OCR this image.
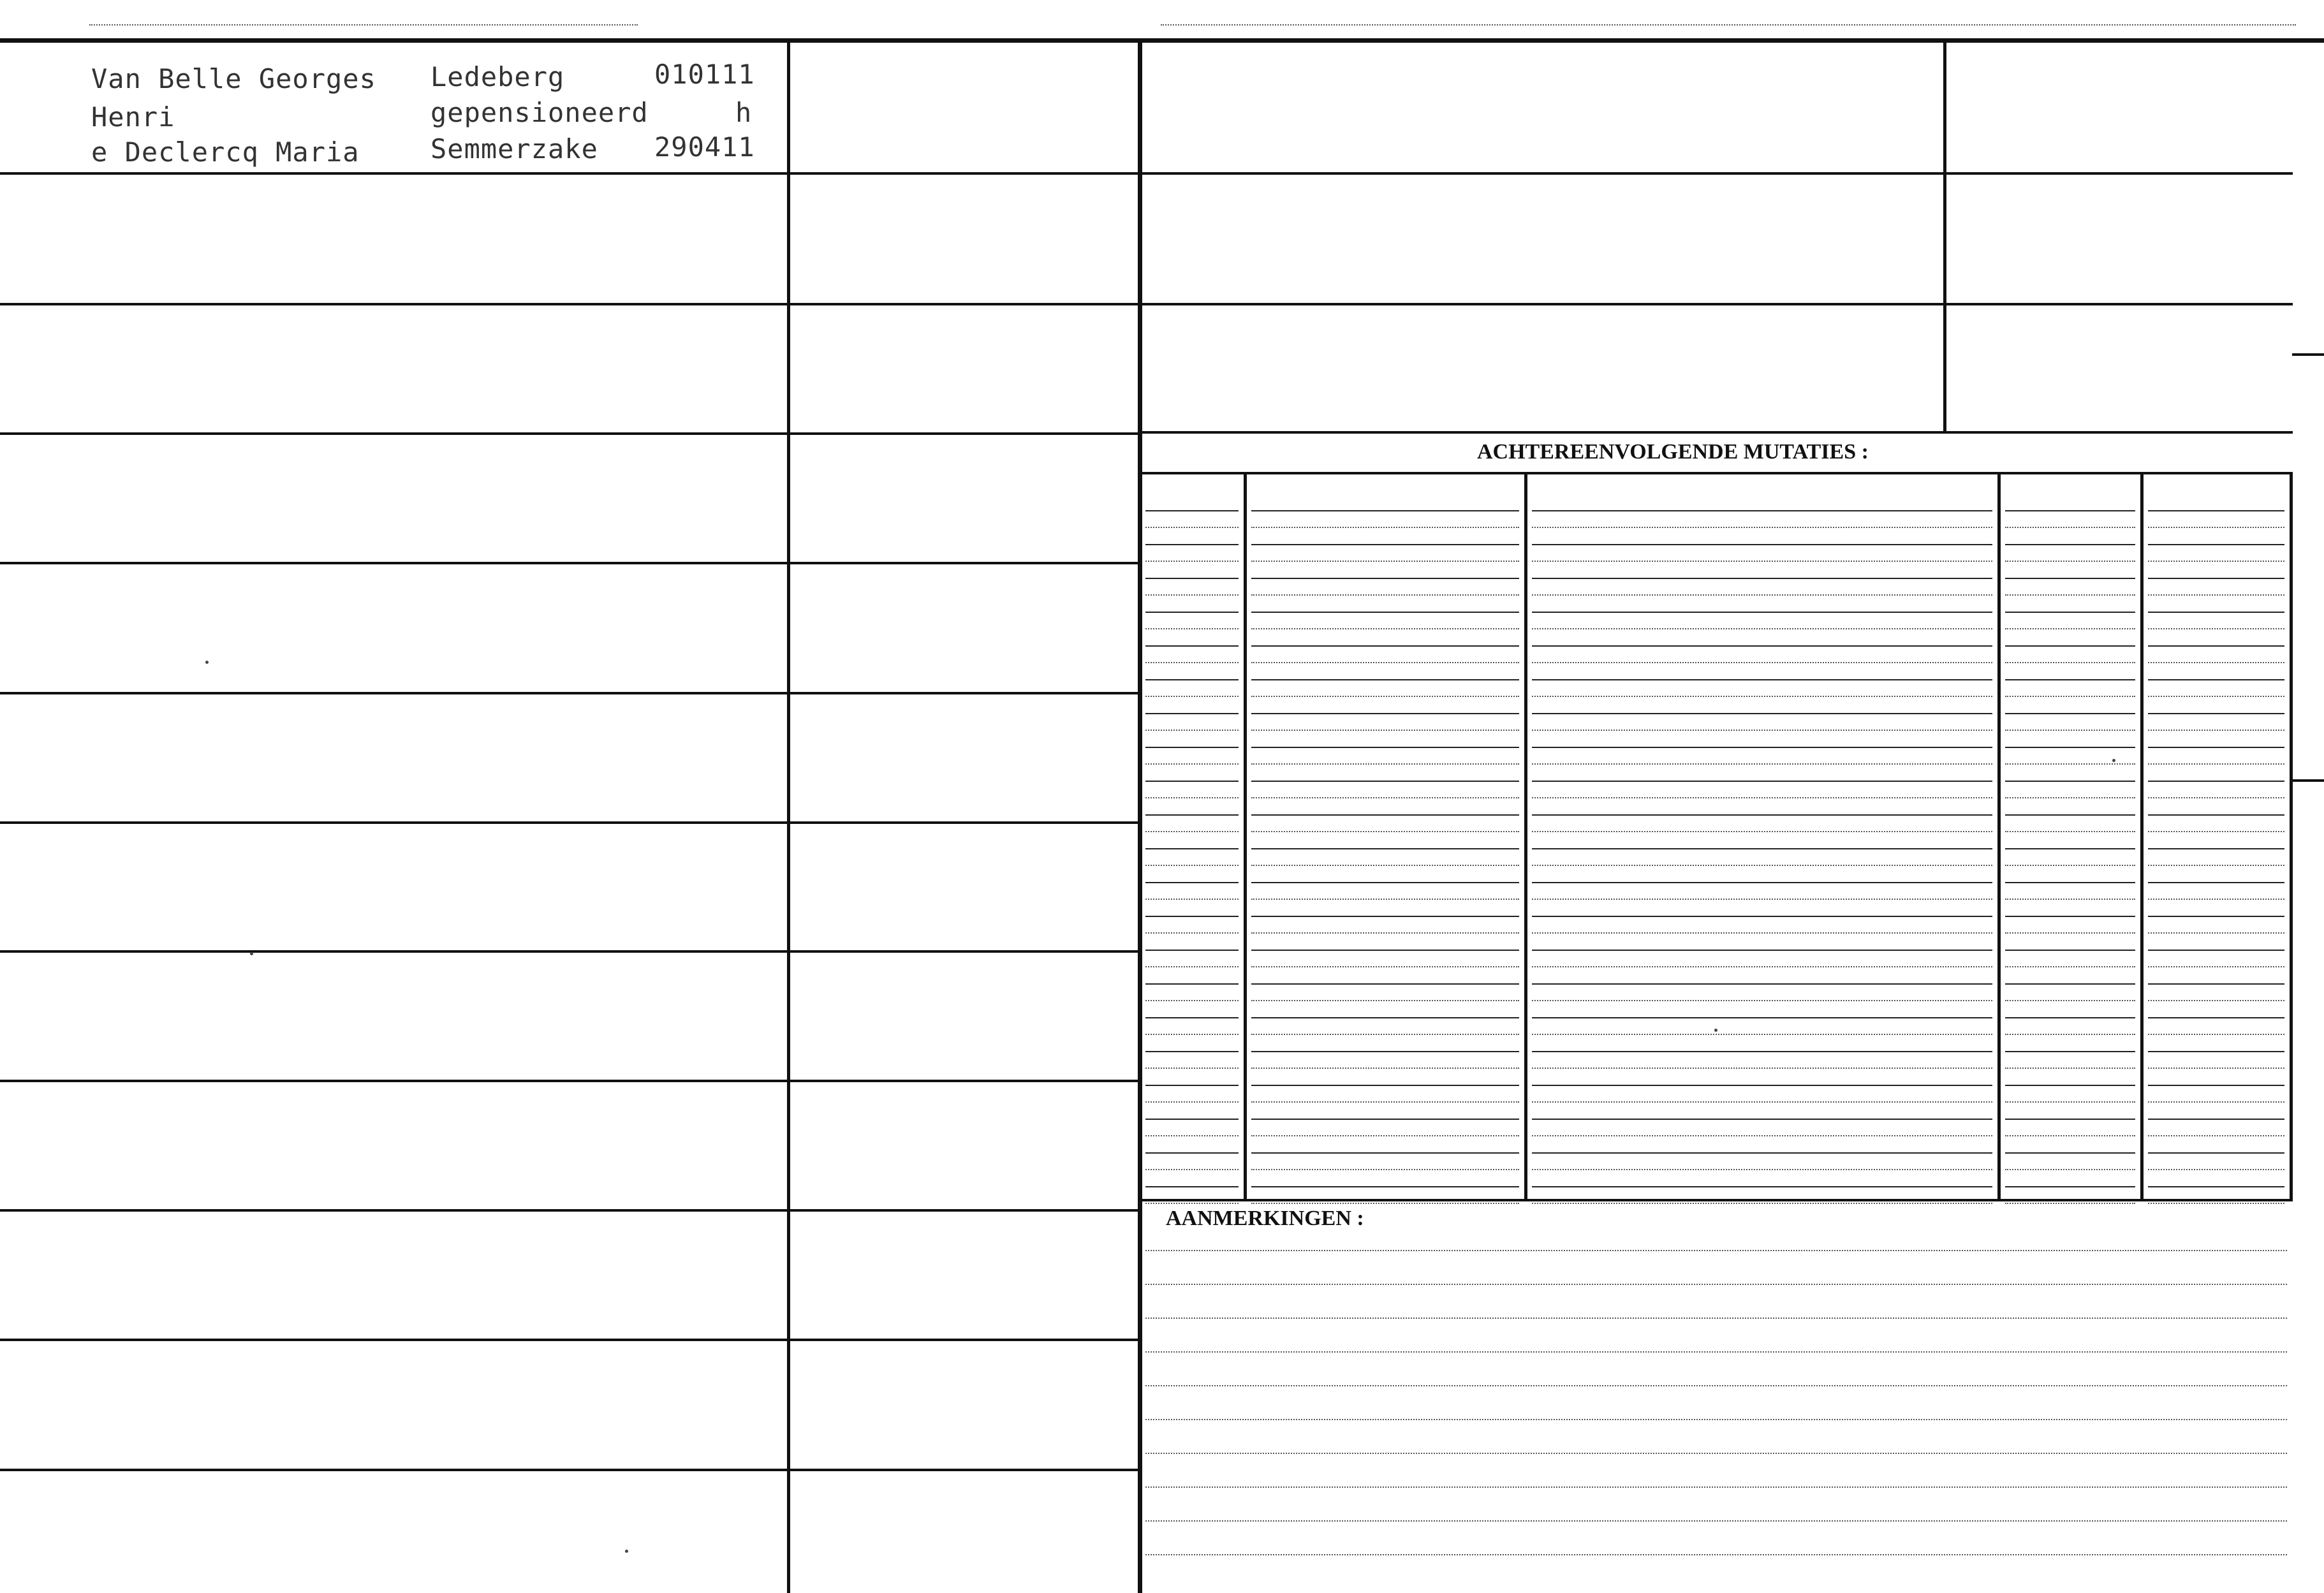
Van Belle Georges
Henri
e Declercq Maria
Ledeberg
gepensioneerd
Semmerzake
010111
h
290411
ACHTEREENVOLGENDE MUTATIES :
AANMERKINGEN :
